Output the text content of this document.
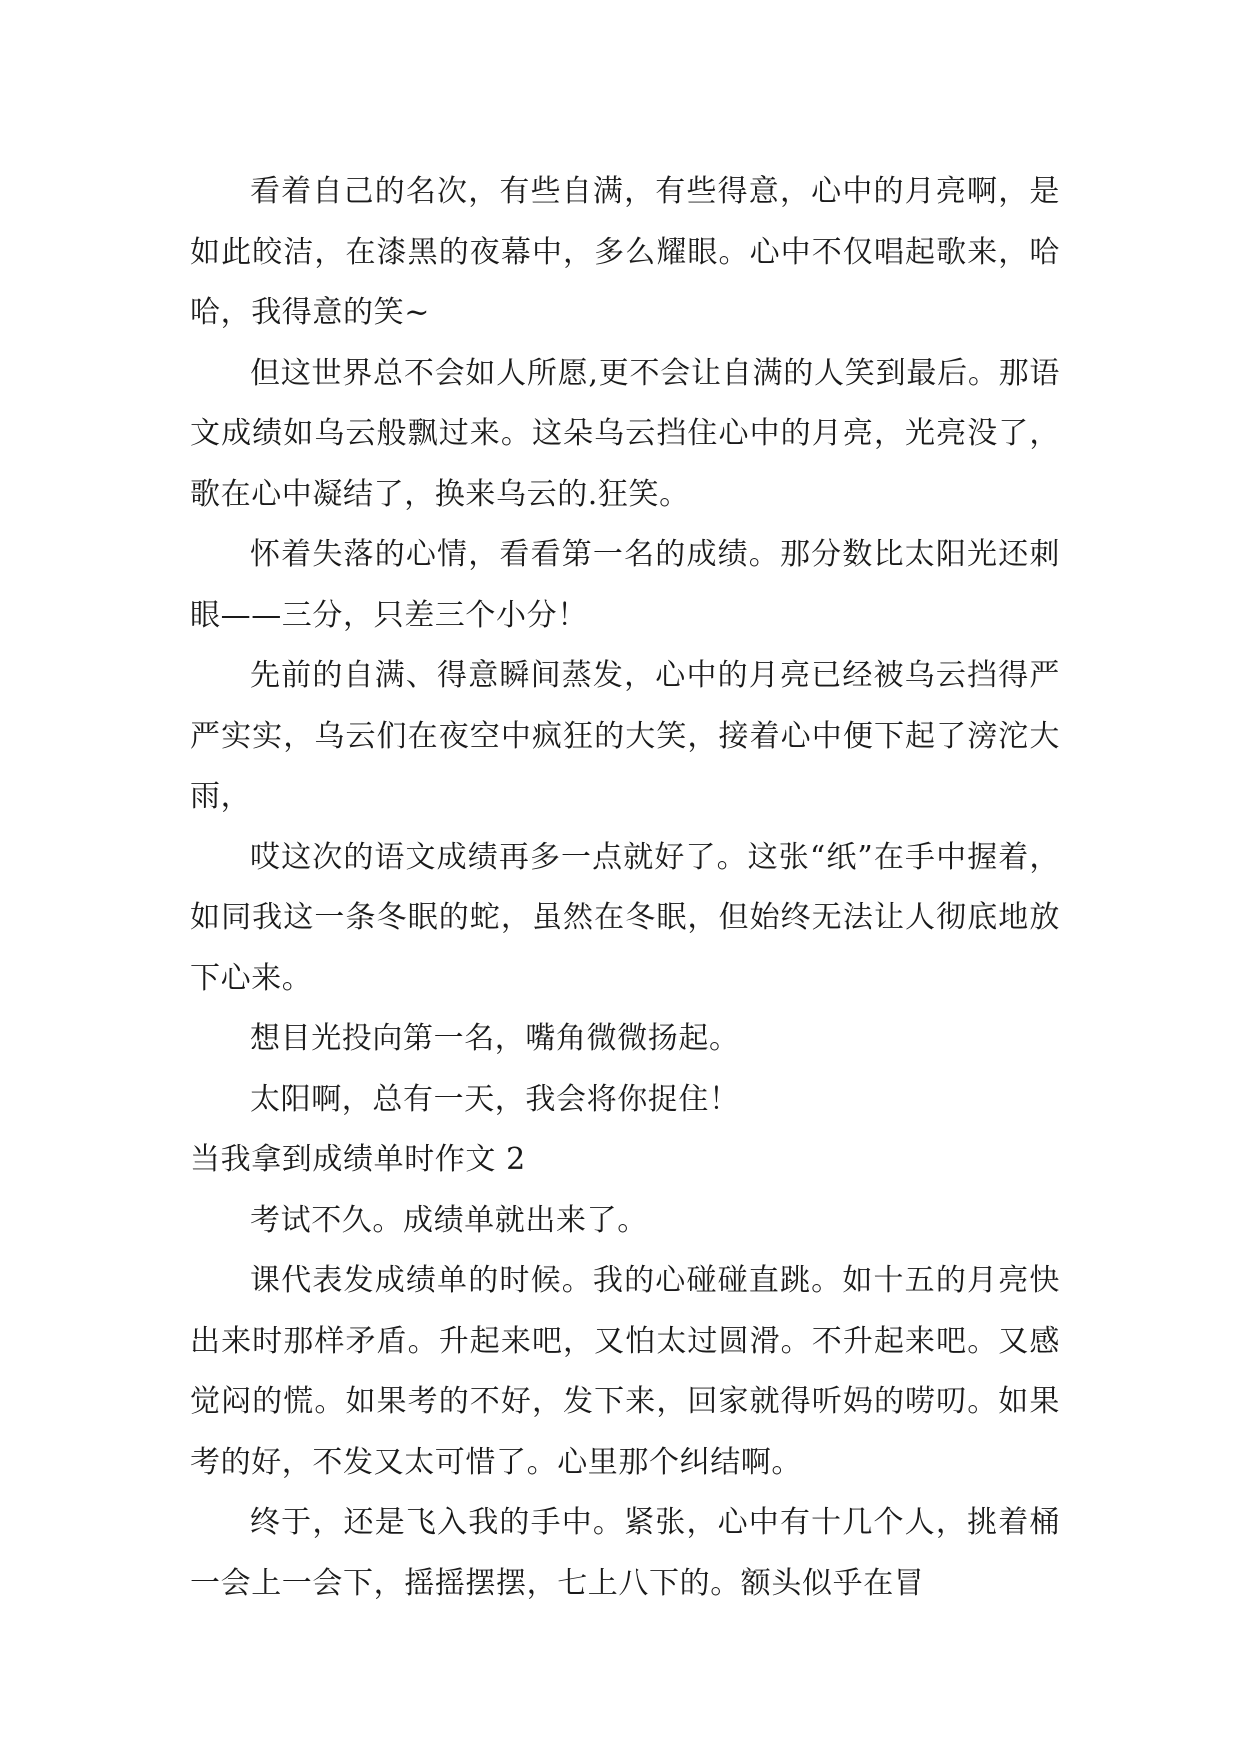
看着自己的名次，有些自满，有些得意，心中的月亮啊，是如此皎洁，在漆黑的夜幕中，多么耀眼。心中不仅唱起歌来，哈哈，我得意的笑~

但这世界总不会如人所愿,更不会让自满的人笑到最后。那语文成绩如乌云般飘过来。这朵乌云挡住心中的月亮，光亮没了，歌在心中凝结了，换来乌云的.狂笑。

怀着失落的心情，看看第一名的成绩。那分数比太阳光还刺眼——三分，只差三个小分！

先前的自满、得意瞬间蒸发，心中的月亮已经被乌云挡得严严实实，乌云们在夜空中疯狂的大笑，接着心中便下起了滂沱大雨，

哎这次的语文成绩再多一点就好了。这张“纸”在手中握着，如同我这一条冬眠的蛇，虽然在冬眠，但始终无法让人彻底地放下心来。

想目光投向第一名，嘴角微微扬起。

太阳啊，总有一天，我会将你捉住！

当我拿到成绩单时作文 2

考试不久。成绩单就出来了。

课代表发成绩单的时候。我的心碰碰直跳。如十五的月亮快出来时那样矛盾。升起来吧，又怕太过圆滑。不升起来吧。又感觉闷的慌。如果考的不好，发下来，回家就得听妈的唠叨。如果考的好，不发又太可惜了。心里那个纠结啊。

终于，还是飞入我的手中。紧张，心中有十几个人，挑着桶一会上一会下，摇摇摆摆，七上八下的。额头似乎在冒
